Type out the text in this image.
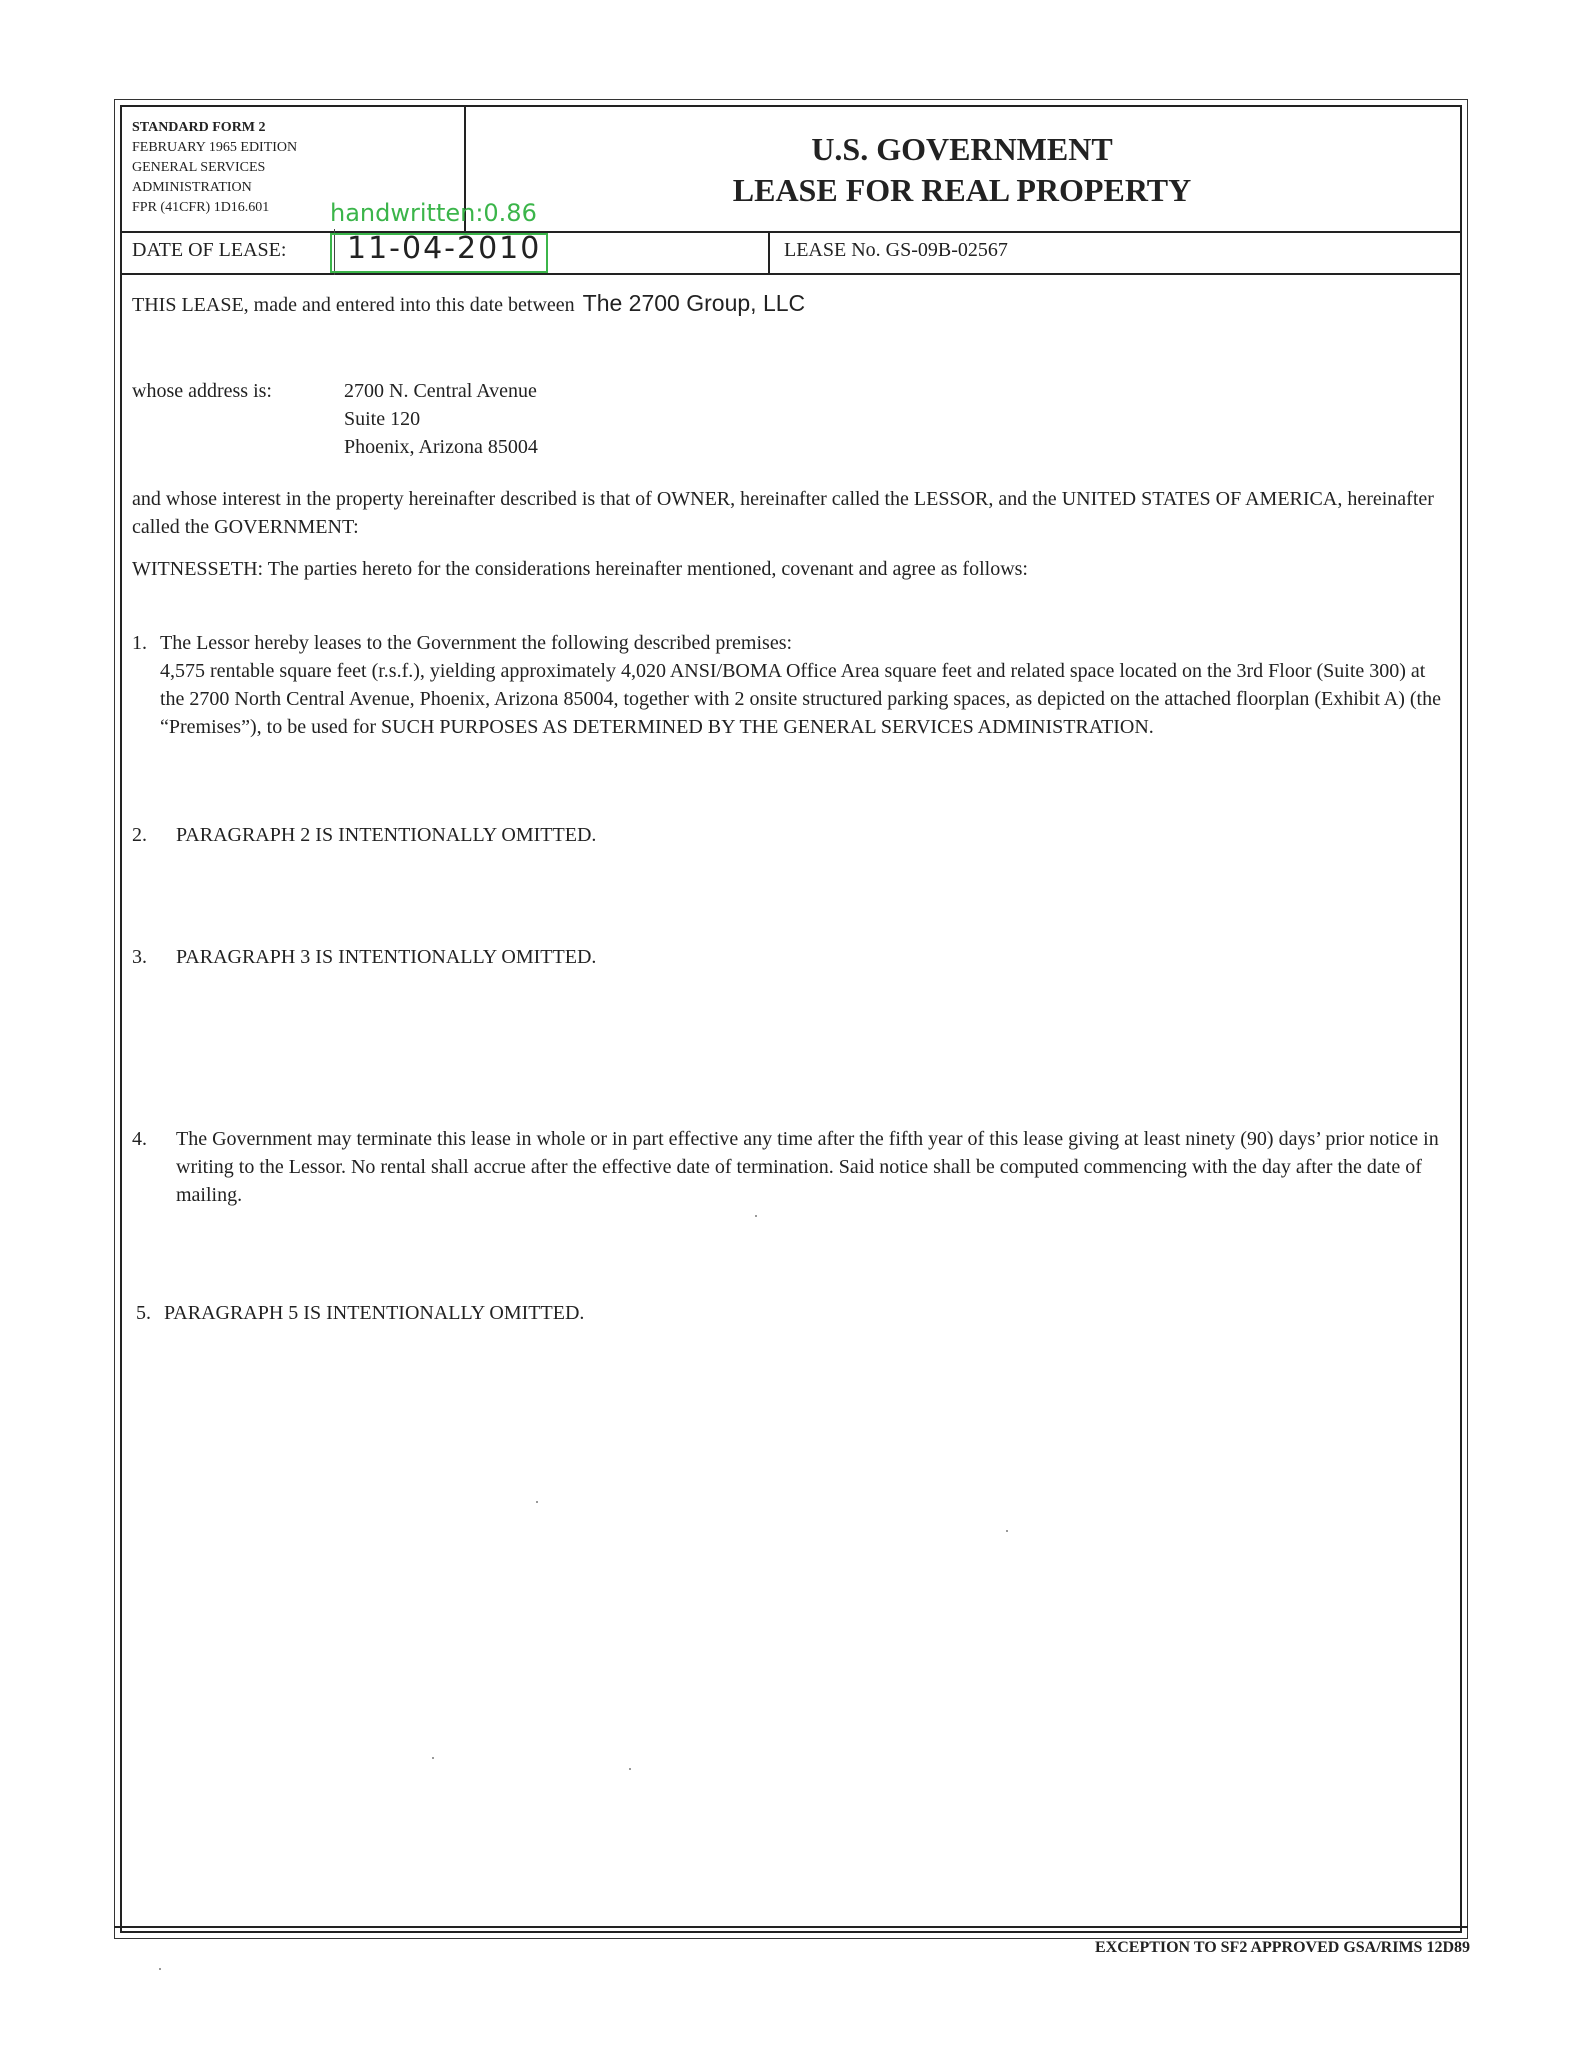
STANDARD FORM 2
FEBRUARY 1965 EDITION
GENERAL SERVICES
ADMINISTRATION
FPR (41CFR) 1D16.601
U.S. GOVERNMENT
LEASE FOR REAL PROPERTY
DATE OF LEASE: 11-04-2010
handwritten:0.86
LEASE No. GS-09B-02567
THIS LEASE, made and entered into this date between The 2700 Group, LLC
whose address is:	2700 N. Central Avenue
Suite 120
Phoenix, Arizona 85004
and whose interest in the property hereinafter described is that of OWNER, hereinafter called the LESSOR, and the UNITED STATES OF AMERICA, hereinafter called the GOVERNMENT:
WITNESSETH: The parties hereto for the considerations hereinafter mentioned, covenant and agree as follows:
1. The Lessor hereby leases to the Government the following described premises:
4,575 rentable square feet (r.s.f.), yielding approximately 4,020 ANSI/BOMA Office Area square feet and related space located on the 3rd Floor (Suite 300) at the 2700 North Central Avenue, Phoenix, Arizona 85004, together with 2 onsite structured parking spaces, as depicted on the attached floorplan (Exhibit A) (the “Premises”), to be used for SUCH PURPOSES AS DETERMINED BY THE GENERAL SERVICES ADMINISTRATION.
2.	PARAGRAPH 2 IS INTENTIONALLY OMITTED.
3.	PARAGRAPH 3 IS INTENTIONALLY OMITTED.
4.	The Government may terminate this lease in whole or in part effective any time after the fifth year of this lease giving at least ninety (90) days’ prior notice in writing to the Lessor. No rental shall accrue after the effective date of termination. Said notice shall be computed commencing with the day after the date of mailing.
5. PARAGRAPH 5 IS INTENTIONALLY OMITTED.
EXCEPTION TO SF2 APPROVED GSA/RIMS 12D89
